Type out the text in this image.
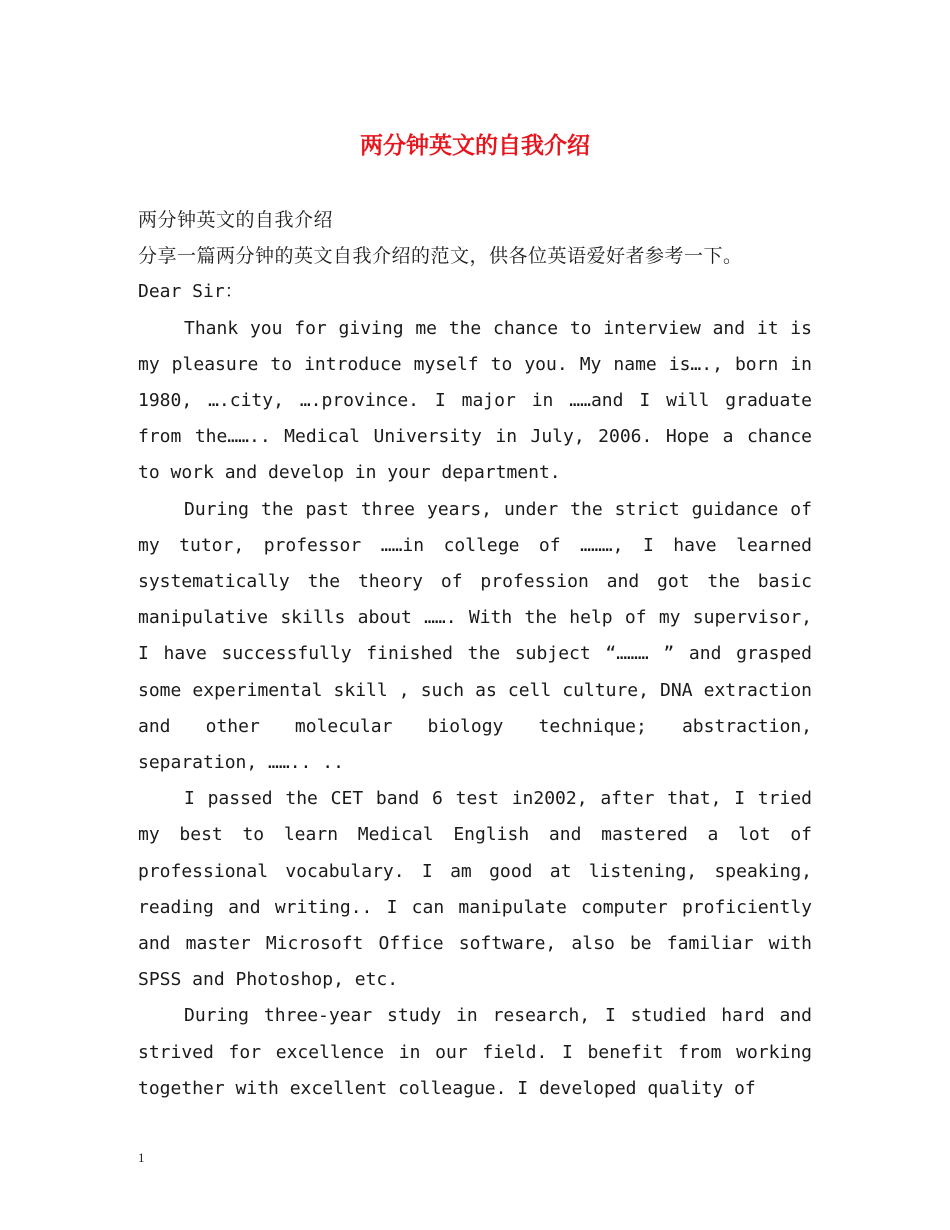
两分钟英文的自我介绍

两分钟英文的自我介绍

分享一篇两分钟的英文自我介绍的范文，供各位英语爱好者参考一下。

Dear Sir：

Thank you for giving me the chance to interview and it is my pleasure to introduce myself to you. My name is…., born in 1980, ….city, ….province. I major in ……and I will graduate from the…….. Medical University in July, 2006. Hope a chance to work and develop in your department.

During the past three years, under the strict guidance of my tutor, professor ……in college of ………, I have learned systematically the theory of profession and got the basic manipulative skills about ……. With the help of my supervisor, I have successfully finished the subject “……… ” and grasped some experimental skill , such as cell culture, DNA extraction and other molecular biology technique; abstraction, separation, …….. ..

I passed the CET band 6 test in2002, after that, I tried my best to learn Medical English and mastered a lot of professional vocabulary. I am good at listening, speaking, reading and writing.. I can manipulate computer proficiently and master Microsoft Office software, also be familiar with SPSS and Photoshop, etc.

During three-year study in research, I studied hard and strived for excellence in our field. I benefit from working together with excellent colleague. I developed quality of

1
